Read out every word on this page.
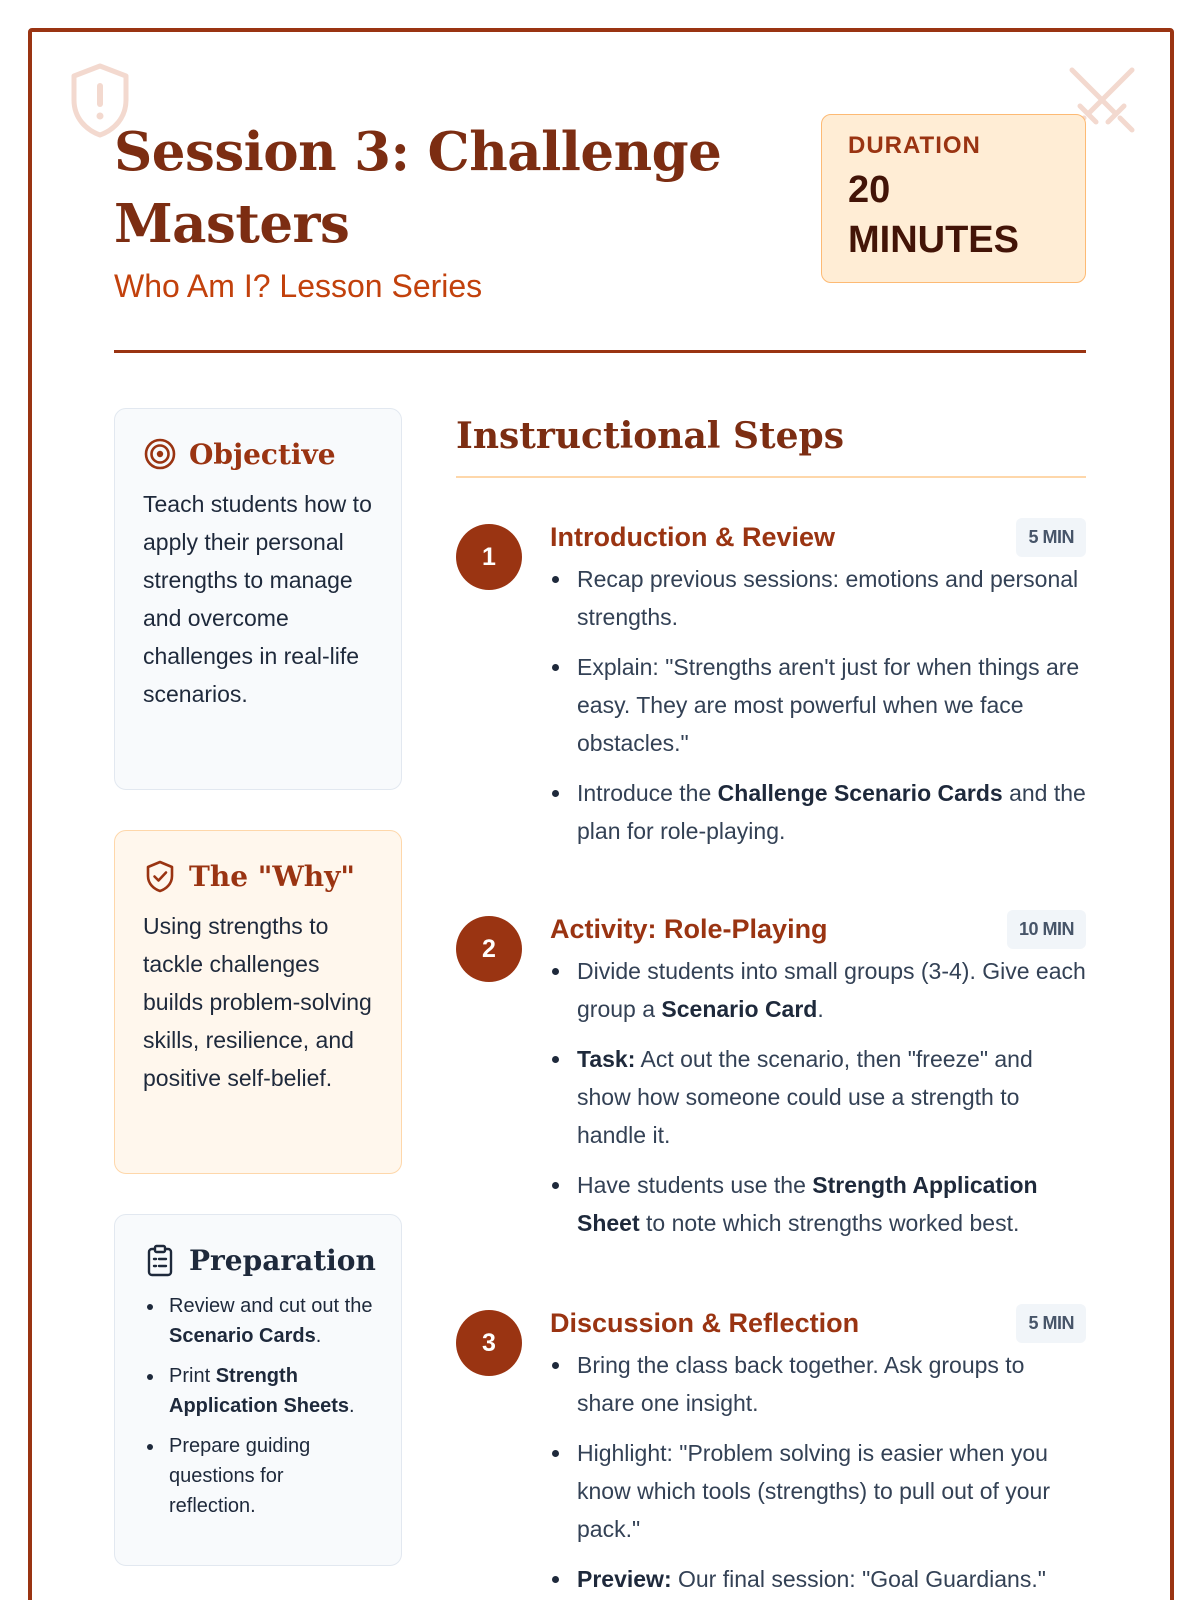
Session 3: Challenge Masters
Who Am I? Lesson Series
DURATION
20 MINUTES
Objective
Teach students how to apply their personal strengths to manage and overcome challenges in real-life scenarios.
The "Why"
Using strengths to tackle challenges builds problem-solving skills, resilience, and positive self-belief.
Preparation
Review and cut out the Scenario Cards.
Print Strength Application Sheets.
Prepare guiding questions for reflection.
Instructional Steps
1
Introduction & Review	5 MIN
Recap previous sessions: emotions and personal strengths.
Explain: "Strengths aren't just for when things are easy. They are most powerful when we face obstacles."
Introduce the Challenge Scenario Cards and the plan for role-playing.
2
Activity: Role-Playing	10 MIN
Divide students into small groups (3-4). Give each group a Scenario Card.
Task: Act out the scenario, then "freeze" and show how someone could use a strength to handle it.
Have students use the Strength Application Sheet to note which strengths worked best.
3
Discussion & Reflection	5 MIN
Bring the class back together. Ask groups to share one insight.
Highlight: "Problem solving is easier when you know which tools (strengths) to pull out of your pack."
Preview: Our final session: "Goal Guardians."
